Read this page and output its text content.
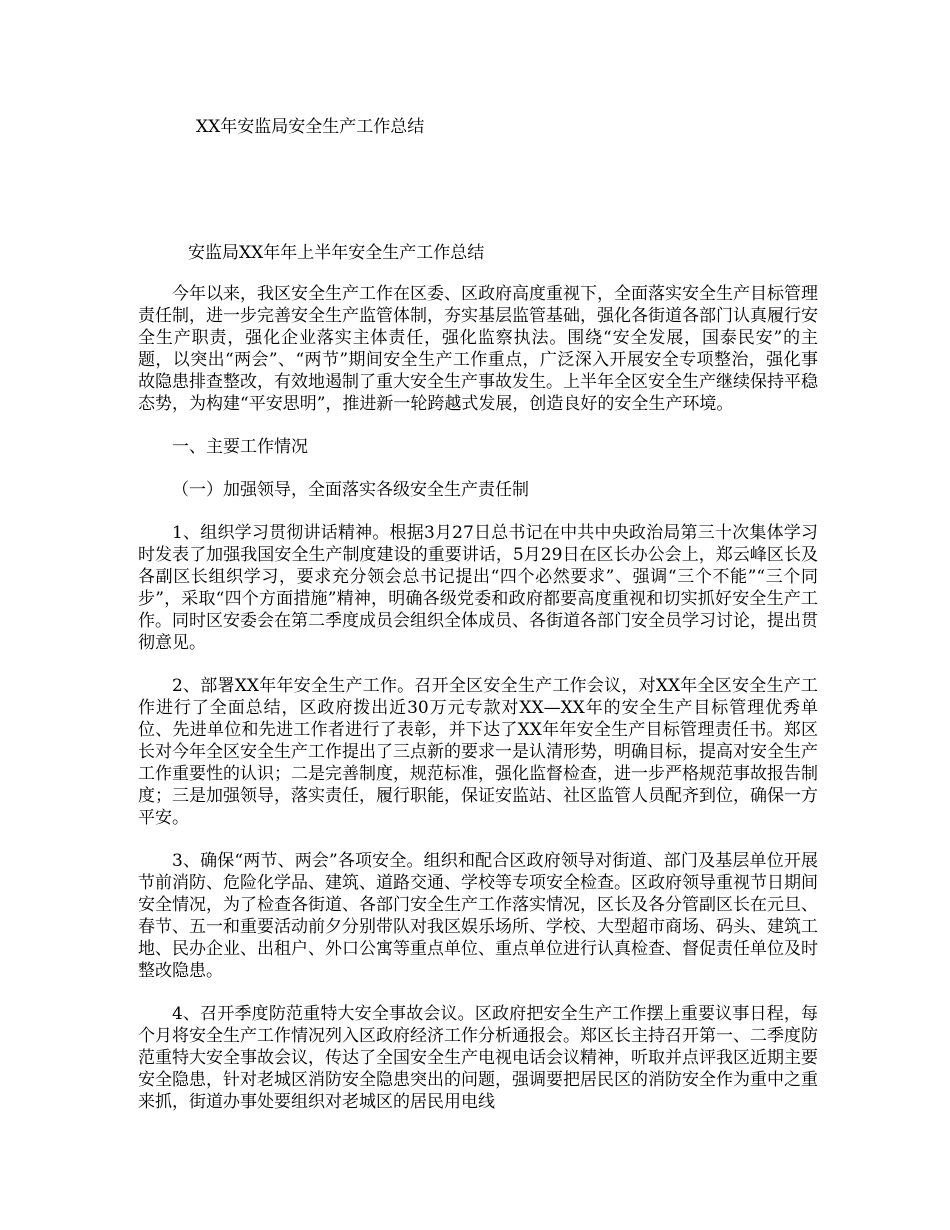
XX年安监局安全生产工作总结
安监局XX年年上半年安全生产工作总结

今年以来，我区安全生产工作在区委、区政府高度重视下，全面落实安全生产目标管理责任制，进一步完善安全生产监管体制，夯实基层监管基础，强化各街道各部门认真履行安全生产职责，强化企业落实主体责任，强化监察执法。围绕“安全发展，国泰民安”的主题，以突出“两会”、“两节”期间安全生产工作重点，广泛深入开展安全专项整治，强化事故隐患排查整改，有效地遏制了重大安全生产事故发生。上半年全区安全生产继续保持平稳态势，为构建“平安思明”，推进新一轮跨越式发展，创造良好的安全生产环境。

一、主要工作情况

（一）加强领导，全面落实各级安全生产责任制

1、组织学习贯彻讲话精神。根据3月27日总书记在中共中央政治局第三十次集体学习时发表了加强我国安全生产制度建设的重要讲话，5月29日在区长办公会上，郑云峰区长及各副区长组织学习，要求充分领会总书记提出“四个必然要求”、强调“三个不能”“三个同步”，采取“四个方面措施”精神，明确各级党委和政府都要高度重视和切实抓好安全生产工作。同时区安委会在第二季度成员会组织全体成员、各街道各部门安全员学习讨论，提出贯彻意见。

2、部署XX年年安全生产工作。召开全区安全生产工作会议，对XX年全区安全生产工作进行了全面总结，区政府拨出近30万元专款对XX—XX年的安全生产目标管理优秀单位、先进单位和先进工作者进行了表彰，并下达了XX年年安全生产目标管理责任书。郑区长对今年全区安全生产工作提出了三点新的要求一是认清形势，明确目标，提高对安全生产工作重要性的认识；二是完善制度，规范标准，强化监督检查，进一步严格规范事故报告制度；三是加强领导，落实责任，履行职能，保证安监站、社区监管人员配齐到位，确保一方平安。

3、确保“两节、两会”各项安全。组织和配合区政府领导对街道、部门及基层单位开展节前消防、危险化学品、建筑、道路交通、学校等专项安全检查。区政府领导重视节日期间安全情况，为了检查各街道、各部门安全生产工作落实情况，区长及各分管副区长在元旦、春节、五一和重要活动前夕分别带队对我区娱乐场所、学校、大型超市商场、码头、建筑工地、民办企业、出租户、外口公寓等重点单位、重点单位进行认真检查、督促责任单位及时整改隐患。

4、召开季度防范重特大安全事故会议。区政府把安全生产工作摆上重要议事日程，每个月将安全生产工作情况列入区政府经济工作分析通报会。郑区长主持召开第一、二季度防范重特大安全事故会议，传达了全国安全生产电视电话会议精神，听取并点评我区近期主要安全隐患，针对老城区消防安全隐患突出的问题，强调要把居民区的消防安全作为重中之重来抓，街道办事处要组织对老城区的居民用电线
